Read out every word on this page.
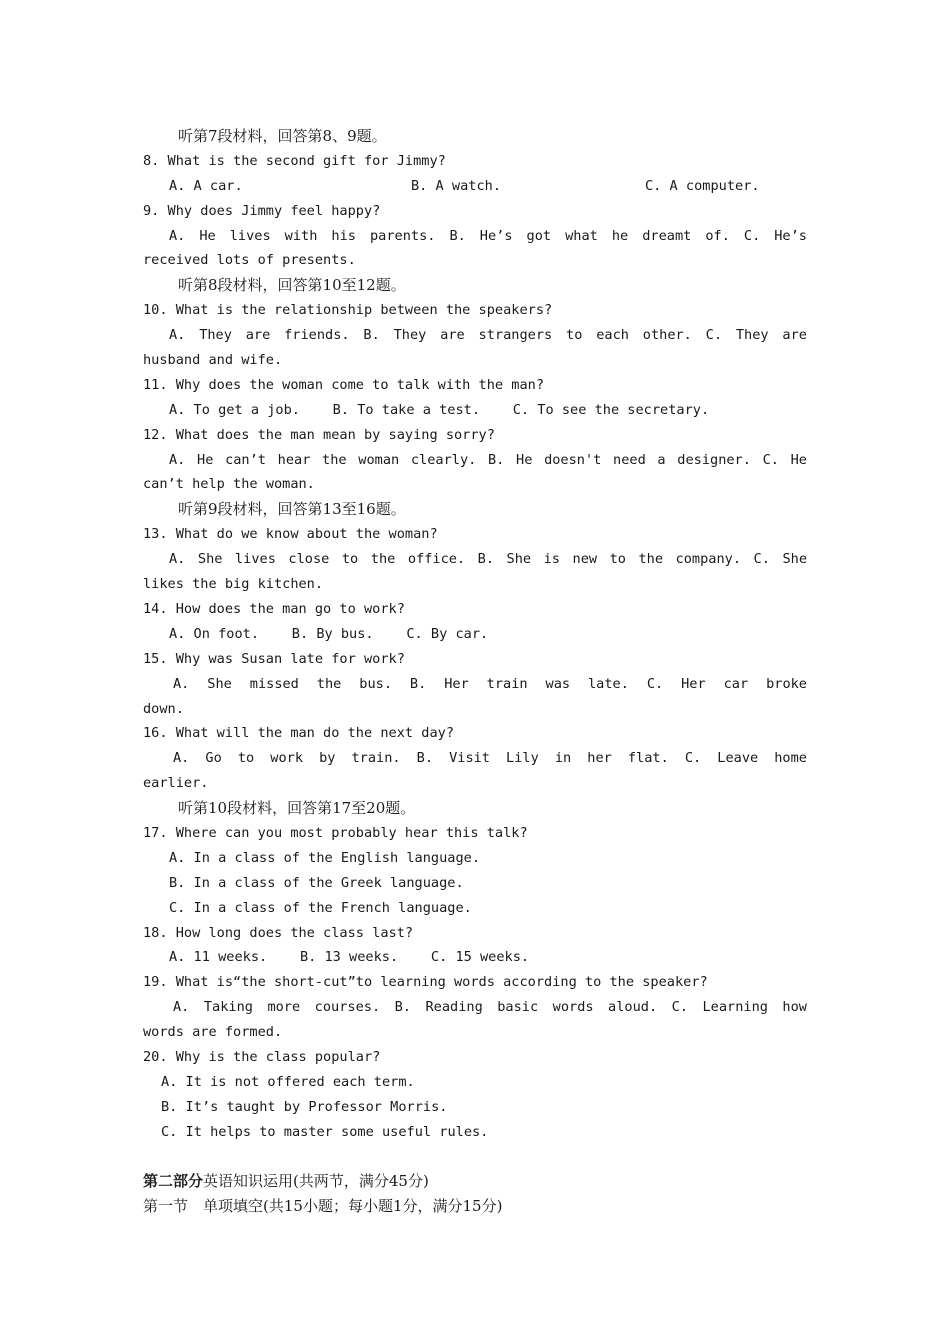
听第7段材料，回答第8、9题。
8. What is the second gift for Jimmy?
A. A car.	B. A watch.	C. A computer.
9. Why does Jimmy feel happy?
A. He lives with his parents. B. He’s got what he dreamt of. C. He’s
received lots of presents.
听第8段材料，回答第10至12题。
10. What is the relationship between the speakers?
A. They are friends. B. They are strangers to each other. C. They are
husband and wife.
11. Why does the woman come to talk with the man?
A. To get a job.    B. To take a test.    C. To see the secretary.
12. What does the man mean by saying sorry?
A. He can’t hear the woman clearly. B. He doesn't need a designer. C. He
can’t help the woman.
听第9段材料，回答第13至16题。
13. What do we know about the woman?
A. She lives close to the office. B. She is new to the company. C. She
likes the big kitchen.
14. How does the man go to work?
A. On foot.    B. By bus.    C. By car.
15. Why was Susan late for work?
A. She missed the bus. B. Her train was late. C. Her car broke
down.
16. What will the man do the next day?
A. Go to work by train. B. Visit Lily in her flat. C. Leave home
earlier.
听第10段材料，回答第17至20题。
17. Where can you most probably hear this talk?
A. In a class of the English language.
B. In a class of the Greek language.
C. In a class of the French language.
18. How long does the class last?
A. 11 weeks.    B. 13 weeks.    C. 15 weeks.
19. What is“the short-cut”to learning words according to the speaker?
A. Taking more courses. B. Reading basic words aloud. C. Learning how
words are formed.
20. Why is the class popular?
A. It is not offered each term.
B. It’s taught by Professor Morris.
C. It helps to master some useful rules.
第二部分英语知识运用(共两节，满分45分)
第一节　单项填空(共15小题；每小题1分，满分15分)
